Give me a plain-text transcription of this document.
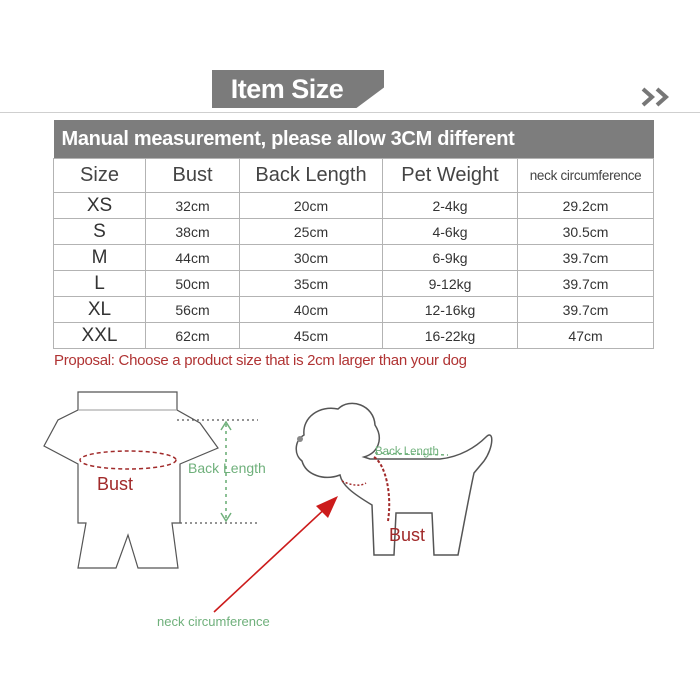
Item Size
Manual measurement, please allow 3CM different				
Size	Bust	Back Length	Pet Weight	neck circumference
XS	32cm	20cm	2-4kg	29.2cm
S	38cm	25cm	4-6kg	30.5cm
M	44cm	30cm	6-9kg	39.7cm
L	50cm	35cm	9-12kg	39.7cm
XL	56cm	40cm	12-16kg	39.7cm
XXL	62cm	45cm	16-22kg	47cm
Proposal: Choose a product size that is 2cm larger than your dog
Bust
Back Length
Back Length
Bust
neck circumference
